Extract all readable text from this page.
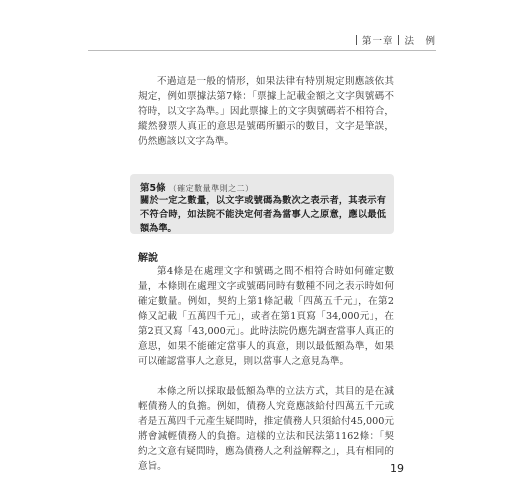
第一章 法　例
不過這是一般的情形，如果法律有特別規定則應該依其規定，例如票據法第7條：「票據上記載金額之文字與號碼不符時，以文字為準。」因此票據上的文字與號碼若不相符合，縱然發票人真正的意思是號碼所顯示的數目，文字是筆誤，仍然應該以文字為準。
第5條 （確定數量準則之二）
關於一定之數量，以文字或號碼為數次之表示者，其表示有不符合時，如法院不能決定何者為當事人之原意，應以最低額為準。
解說
第4條是在處理文字和號碼之間不相符合時如何確定數量，本條則在處理文字或號碼同時有數種不同之表示時如何確定數量。例如，契約上第1條記載「四萬五千元」，在第2條又記載「五萬四千元」，或者在第1頁寫「34,000元」，在第2頁又寫「43,000元」。此時法院仍應先調查當事人真正的意思，如果不能確定當事人的真意，則以最低額為準，如果可以確認當事人之意見，則以當事人之意見為準。
本條之所以採取最低額為準的立法方式，其目的是在減輕債務人的負擔。例如，債務人究竟應該給付四萬五千元或者是五萬四千元產生疑問時，推定債務人只須給付45,000元將會減輕債務人的負擔。這樣的立法和民法第1162條：「契約之文意有疑問時，應為債務人之利益解釋之」，具有相同的意旨。	19
